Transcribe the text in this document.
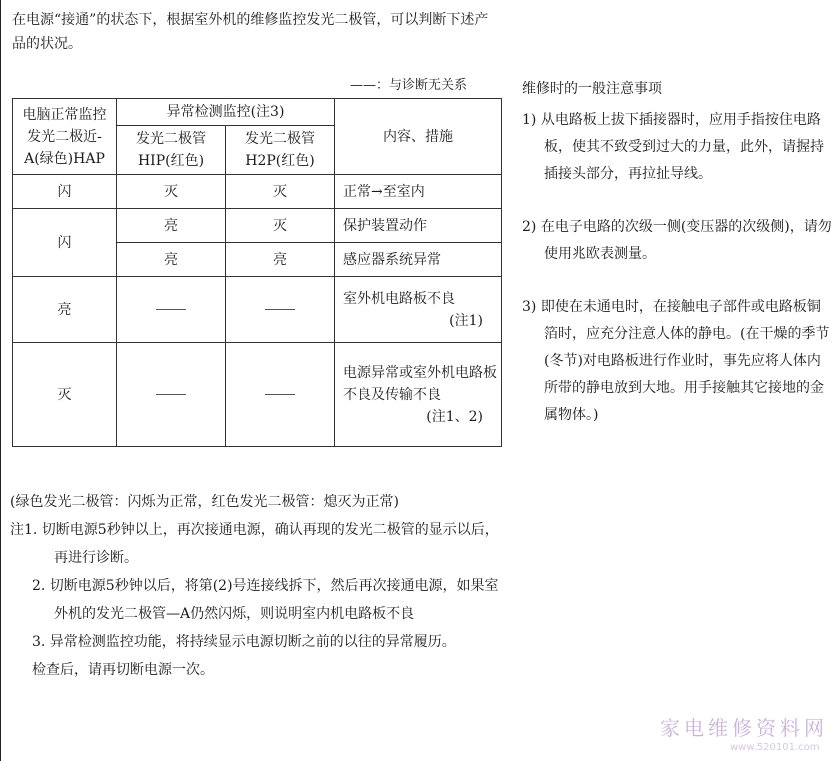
在电源“接通”的状态下，根据室外机的维修监控发光二极管，可以判断下述产品的状况。
——：与诊断无关系
电脑正常监控发光二极近-A(绿色)HAP	异常检测监控(注3)		内容、措施
	发光二极管HIP(红色)	发光二极管H2P(红色)	
闪	灭	灭	正常→至室内
闪	亮	灭	保护装置动作
	亮	亮	感应器系统异常
亮			室外机电路板不良
(注1)

灭			电源异常或室外机电路板不良及传输不良
(注1、2)

(绿色发光二极管：闪烁为正常，红色发光二极管：熄灭为正常)

注1. 切断电源5秒钟以上，再次接通电源，确认再现的发光二极管的显示以后，再进行诊断。

2. 切断电源5秒钟以后，将第(2)号连接线拆下，然后再次接通电源，如果室外机的发光二极管—A仍然闪烁，则说明室内机电路板不良

3. 异常检测监控功能，将持续显示电源切断之前的以往的异常履历。

检查后，请再切断电源一次。

维修时的一般注意事项

1) 从电路板上拔下插接器时，应用手指按住电路板，使其不致受到过大的力量，此外，请握持插接头部分，再拉扯导线。

2) 在电子电路的次级一侧(变压器的次级侧)，请勿使用兆欧表测量。

3) 即使在未通电时，在接触电子部件或电路板铜箔时，应充分注意人体的静电。(在干燥的季节(冬节)对电路板进行作业时，事先应将人体内所带的静电放到大地。用手接触其它接地的金属物体。)

家电维修资料网
www.520101.com
